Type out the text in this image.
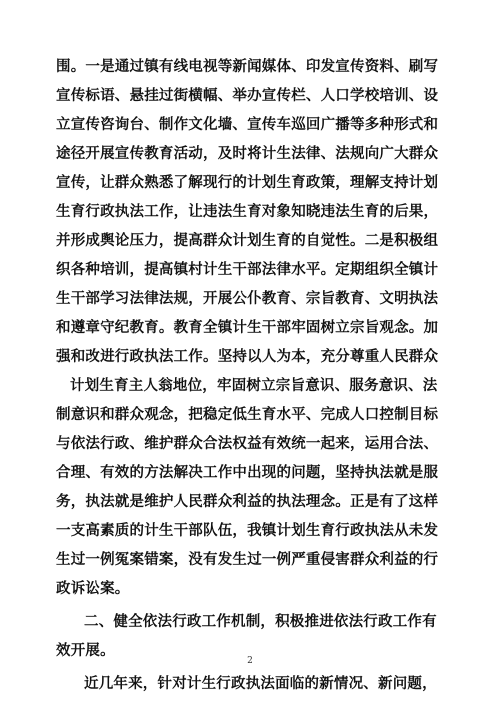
围。一是通过镇有线电视等新闻媒体、印发宣传资料、刷写
宣传标语、悬挂过街横幅、举办宣传栏、人口学校培训、设
立宣传咨询台、制作文化墙、宣传车巡回广播等多种形式和
途径开展宣传教育活动，及时将计生法律、法规向广大群众
宣传，让群众熟悉了解现行的计划生育政策，理解支持计划
生育行政执法工作，让违法生育对象知晓违法生育的后果，
并形成舆论压力，提高群众计划生育的自觉性。二是积极组
织各种培训，提高镇村计生干部法律水平。定期组织全镇计
生干部学习法律法规，开展公仆教育、宗旨教育、文明执法
和遵章守纪教育。教育全镇计生干部牢固树立宗旨观念。加
强和改进行政执法工作。坚持以人为本，充分尊重人民群众
计划生育主人翁地位，牢固树立宗旨意识、服务意识、法
制意识和群众观念，把稳定低生育水平、完成人口控制目标
与依法行政、维护群众合法权益有效统一起来，运用合法、
合理、有效的方法解决工作中出现的问题，坚持执法就是服
务，执法就是维护人民群众利益的执法理念。正是有了这样
一支高素质的计生干部队伍，我镇计划生育行政执法从未发
生过一例冤案错案，没有发生过一例严重侵害群众利益的行
政诉讼案。
二、健全依法行政工作机制，积极推进依法行政工作有
效开展。
近几年来，针对计生行政执法面临的新情况、新问题，
2
